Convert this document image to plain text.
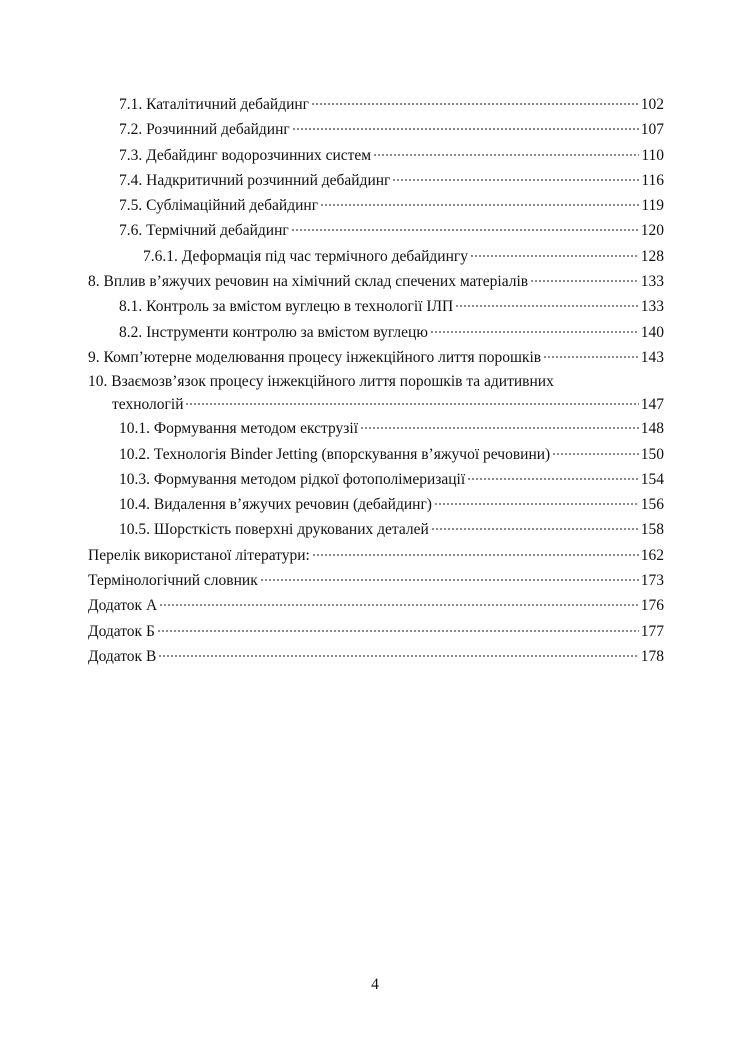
7.1. Каталітичний дебайдинг	102
7.2. Розчинний дебайдинг	107
7.3. Дебайдинг водорозчинних систем	110
7.4. Надкритичний розчинний дебайдинг	116
7.5. Сублімаційний дебайдинг	119
7.6. Термічний дебайдинг	120
7.6.1. Деформація під час термічного дебайдингу	128
8. Вплив в’яжучих речовин на хімічний склад спечених матеріалів	133
8.1. Контроль за вмістом вуглецю в технології ІЛП	133
8.2. Інструменти контролю за вмістом вуглецю	140
9. Комп’ютерне моделювання процесу інжекційного лиття порошків	143
10. Взаємозв’язок процесу інжекційного лиття порошків та адитивних
технологій	147
10.1. Формування методом екструзії	148
10.2. Технологія Binder Jetting (впорскування в’яжучої речовини)	150
10.3. Формування методом рідкої фотополімеризації	154
10.4. Видалення в’яжучих речовин (дебайдинг)	156
10.5. Шорсткість поверхні друкованих деталей	158
Перелік використаної літератури:	162
Термінологічний словник	173
Додаток А	176
Додаток Б	177
Додаток В	178
4
